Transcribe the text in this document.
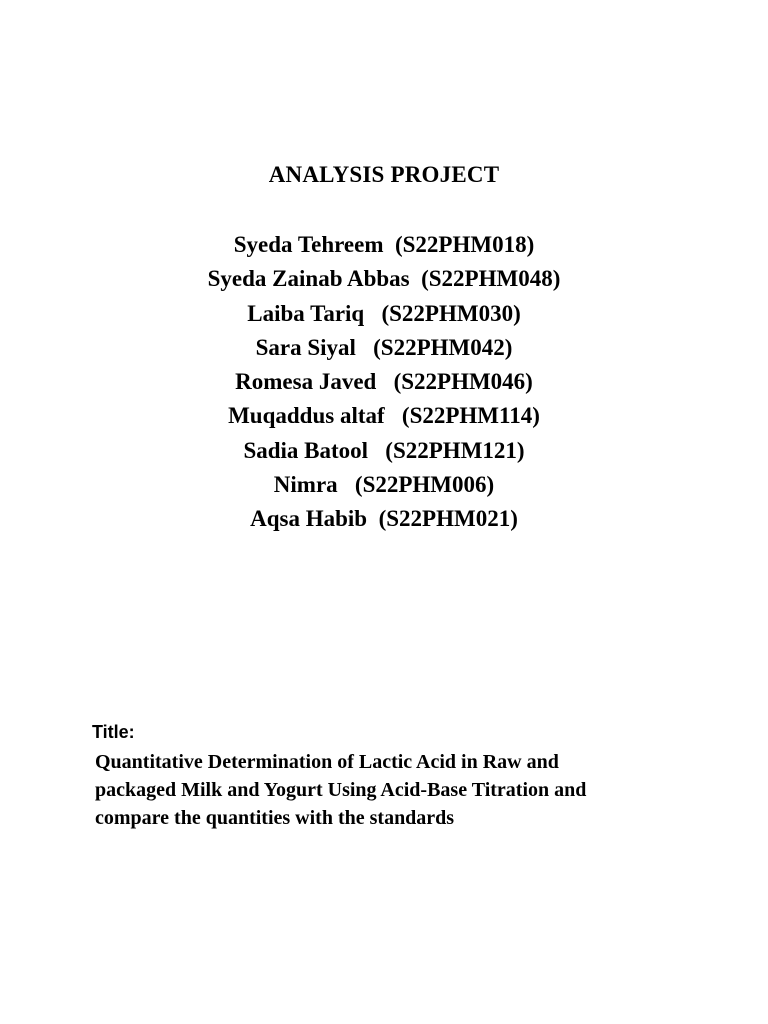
ANALYSIS PROJECT
Syeda Tehreem  (S22PHM018)
Syeda Zainab Abbas  (S22PHM048)
Laiba Tariq   (S22PHM030)
Sara Siyal   (S22PHM042)
Romesa Javed   (S22PHM046)
Muqaddus altaf   (S22PHM114)
Sadia Batool   (S22PHM121)
Nimra   (S22PHM006)
Aqsa Habib  (S22PHM021)
Title:
Quantitative Determination of Lactic Acid in Raw and
packaged Milk and Yogurt Using Acid-Base Titration and
compare the quantities with the standards
